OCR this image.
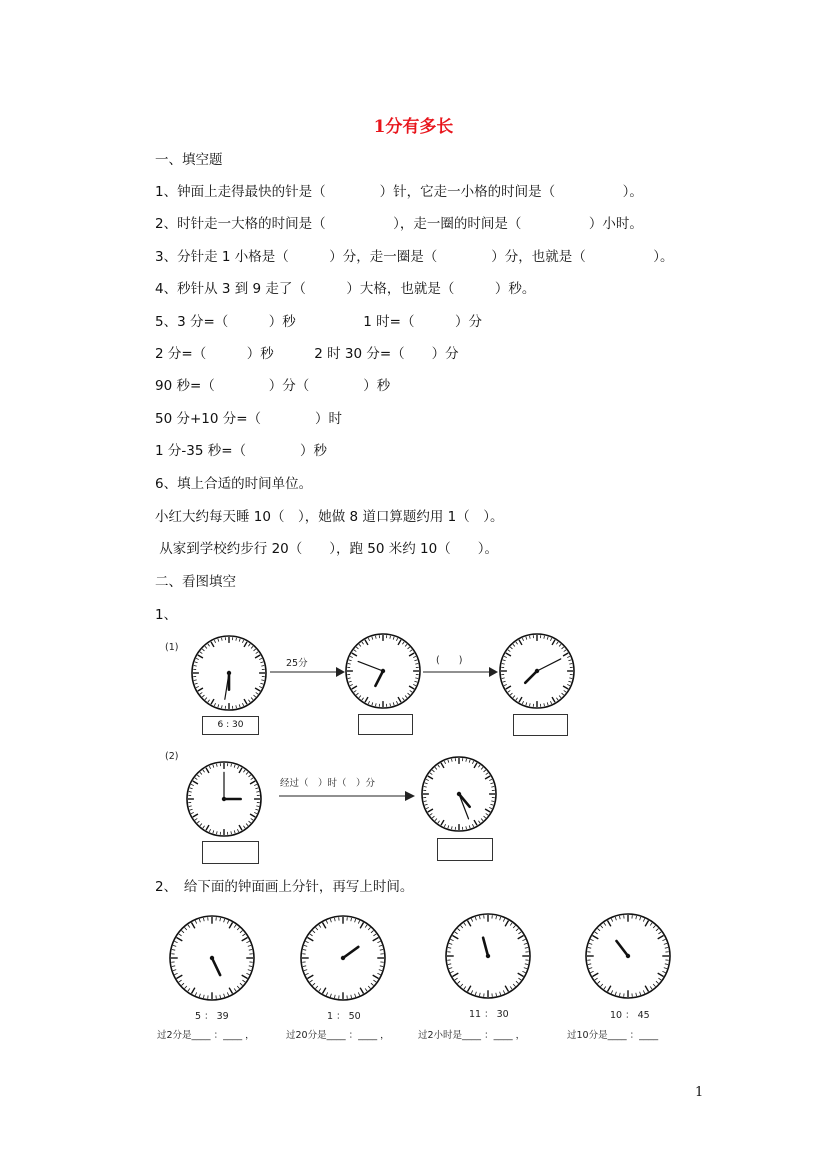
1分有多长
一、填空题
1、钟面上走得最快的针是（　　　　）针，它走一小格的时间是（　　　　　）。
2、时针走一大格的时间是（　　　　　），走一圈的时间是（　　　　　）小时。
3、分针走 1 小格是（　　　）分，走一圈是（　　　　）分，也就是（　　　　　）。
4、秒针从 3 到 9 走了（　　　）大格，也就是（　　　）秒。
5、3 分=（　　　）秒　　　　　1 时=（　　　）分
2 分=（　　　）秒　　　2 时 30 分=（　　）分
90 秒=（　　　　）分（　　　　）秒
50 分+10 分=（　　　　）时
1 分-35 秒=（　　　　）秒
6、填上合适的时间单位。
小红大约每天睡 10（　），她做 8 道口算题约用 1（　）。
从家到学校约步行 20（　　），跑 50 米约 10（　　）。
二、看图填空
1、
(1)
25分	(　　)
6 : 30
(2)
经过（　）时（　）分
2、　给下面的钟面画上分针，再写上时间。
5 ： 39	1 ： 50	11 ： 30	10 ： 45
过2分是____ ：____ ，	过20分是____ ：____ ，	过2小时是____ ：____ ，	过10分是____ ：____
1
